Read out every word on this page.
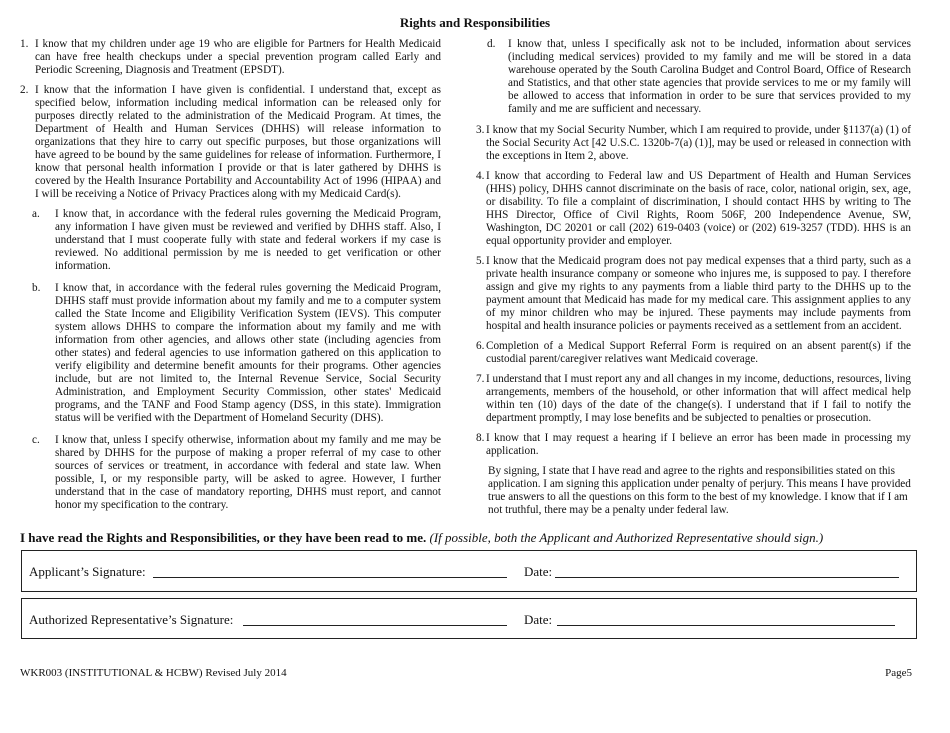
Rights and Responsibilities
1. I know that my children under age 19 who are eligible for Partners for Health Medicaid can have free health checkups under a special prevention program called Early and Periodic Screening, Diagnosis and Treatment (EPSDT).
2. I know that the information I have given is confidential. I understand that, except as specified below, information including medical information can be released only for purposes directly related to the administration of the Medicaid Program. At times, the Department of Health and Human Services (DHHS) will release information to organizations that they hire to carry out specific purposes, but those organizations will have agreed to be bound by the same guidelines for release of information. Furthermore, I know that personal health information I provide or that is later gathered by DHHS is covered by the Health Insurance Portability and Accountability Act of 1996 (HIPAA) and I will be receiving a Notice of Privacy Practices along with my Medicaid Card(s).
a. I know that, in accordance with the federal rules governing the Medicaid Program, any information I have given must be reviewed and verified by DHHS staff. Also, I understand that I must cooperate fully with state and federal workers if my case is reviewed. No additional permission by me is needed to get verification or other information.
b. I know that, in accordance with the federal rules governing the Medicaid Program, DHHS staff must provide information about my family and me to a computer system called the State Income and Eligibility Verification System (IEVS). This computer system allows DHHS to compare the information about my family and me with information from other agencies, and allows other state (including agencies from other states) and federal agencies to use information gathered on this application to verify eligibility and determine benefit amounts for their programs. Other agencies include, but are not limited to, the Internal Revenue Service, Social Security Administration, and Employment Security Commission, other states' Medicaid programs, and the TANF and Food Stamp agency (DSS, in this state). Immigration status will be verified with the Department of Homeland Security (DHS).
c. I know that, unless I specify otherwise, information about my family and me may be shared by DHHS for the purpose of making a proper referral of my case to other sources of services or treatment, in accordance with federal and state law. When possible, I, or my responsible party, will be asked to agree. However, I further understand that in the case of mandatory reporting, DHHS must report, and cannot honor my specification to the contrary.
d. I know that, unless I specifically ask not to be included, information about services (including medical services) provided to my family and me will be stored in a data warehouse operated by the South Carolina Budget and Control Board, Office of Research and Statistics, and that other state agencies that provide services to me or my family will be allowed to access that information in order to be sure that services provided to my family and me are sufficient and necessary.
3. I know that my Social Security Number, which I am required to provide, under §1137(a) (1) of the Social Security Act [42 U.S.C. 1320b-7(a) (1)], may be used or released in connection with the exceptions in Item 2, above.
4. I know that according to Federal law and US Department of Health and Human Services (HHS) policy, DHHS cannot discriminate on the basis of race, color, national origin, sex, age, or disability. To file a complaint of discrimination, I should contact HHS by writing to The HHS Director, Office of Civil Rights, Room 506F, 200 Independence Avenue, SW, Washington, DC 20201 or call (202) 619-0403 (voice) or (202) 619-3257 (TDD). HHS is an equal opportunity provider and employer.
5. I know that the Medicaid program does not pay medical expenses that a third party, such as a private health insurance company or someone who injures me, is supposed to pay. I therefore assign and give my rights to any payments from a liable third party to the DHHS up to the payment amount that Medicaid has made for my medical care. This assignment applies to any of my minor children who may be injured. These payments may include payments from hospital and health insurance policies or payments received as a settlement from an accident.
6. Completion of a Medical Support Referral Form is required on an absent parent(s) if the custodial parent/caregiver relatives want Medicaid coverage.
7. I understand that I must report any and all changes in my income, deductions, resources, living arrangements, members of the household, or other information that will affect medical help within ten (10) days of the date of the change(s). I understand that if I fail to notify the department promptly, I may lose benefits and be subjected to penalties or prosecution.
8. I know that I may request a hearing if I believe an error has been made in processing my application.
By signing, I state that I have read and agree to the rights and responsibilities stated on this application. I am signing this application under penalty of perjury. This means I have provided true answers to all the questions on this form to the best of my knowledge. I know that if I am not truthful, there may be a penalty under federal law.
I have read the Rights and Responsibilities, or they have been read to me. (If possible, both the Applicant and Authorized Representative should sign.)
Applicant’s Signature:	Date:
Authorized Representative’s Signature:	Date:
WKR003 (INSTITUTIONAL & HCBW) Revised July 2014	Page5
